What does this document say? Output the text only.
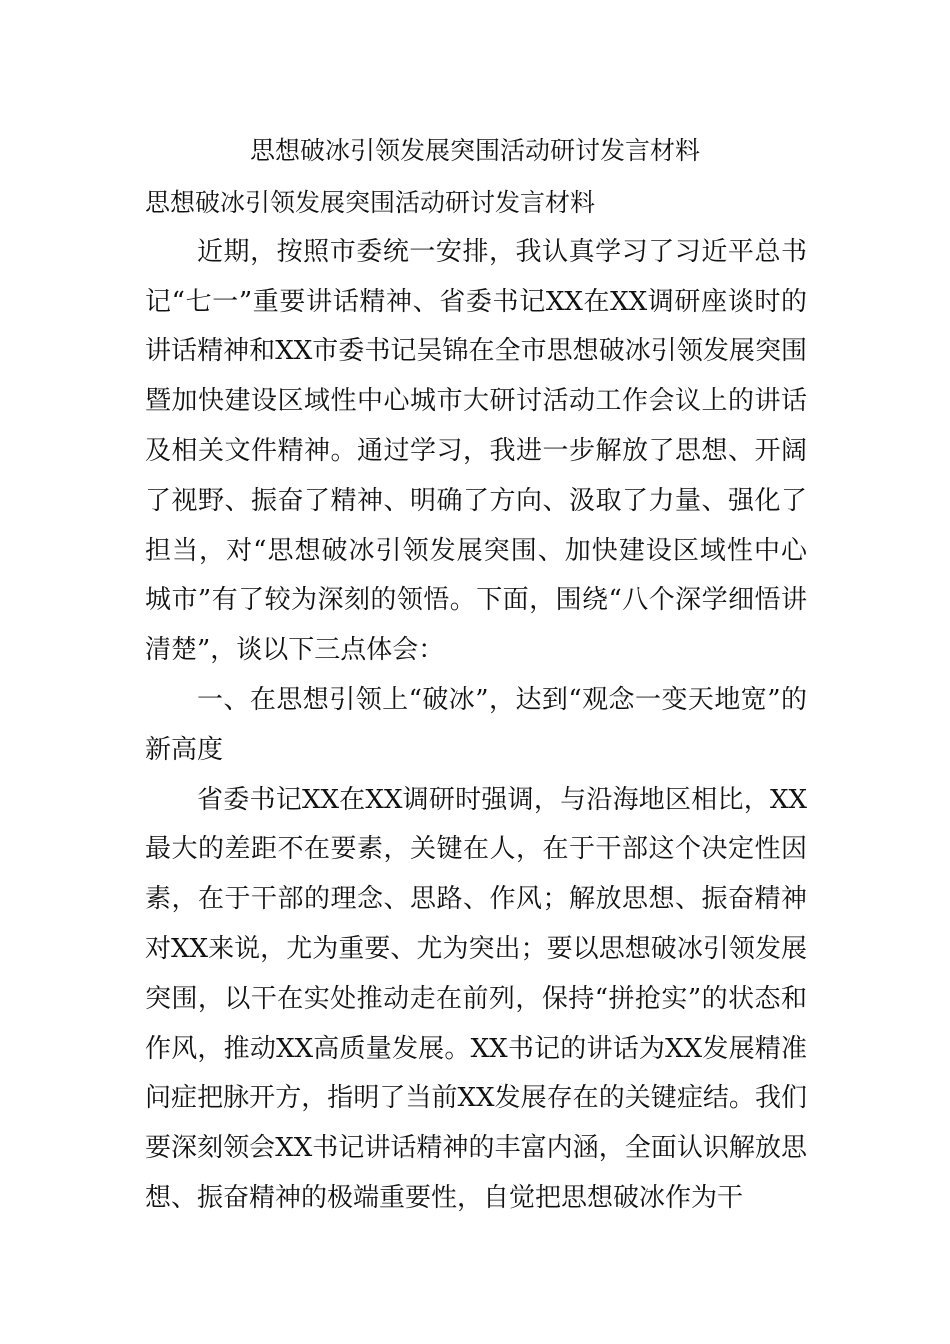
思想破冰引领发展突围活动研讨发言材料

思想破冰引领发展突围活动研讨发言材料

近期，按照市委统一安排，我认真学习了习近平总书记“七一”重要讲话精神、省委书记XX在XX调研座谈时的讲话精神和XX市委书记吴锦在全市思想破冰引领发展突围暨加快建设区域性中心城市大研讨活动工作会议上的讲话及相关文件精神。通过学习，我进一步解放了思想、开阔了视野、振奋了精神、明确了方向、汲取了力量、强化了担当，对“思想破冰引领发展突围、加快建设区域性中心城市”有了较为深刻的领悟。下面，围绕“八个深学细悟讲清楚”，谈以下三点体会：

一、在思想引领上“破冰”，达到“观念一变天地宽”的新高度

省委书记XX在XX调研时强调，与沿海地区相比，XX最大的差距不在要素，关键在人，在于干部这个决定性因素，在于干部的理念、思路、作风；解放思想、振奋精神对XX来说，尤为重要、尤为突出；要以思想破冰引领发展突围，以干在实处推动走在前列，保持“拼抢实”的状态和作风，推动XX高质量发展。XX书记的讲话为XX发展精准问症把脉开方，指明了当前XX发展存在的关键症结。我们要深刻领会XX书记讲话精神的丰富内涵，全面认识解放思想、振奋精神的极端重要性，自觉把思想破冰作为干
